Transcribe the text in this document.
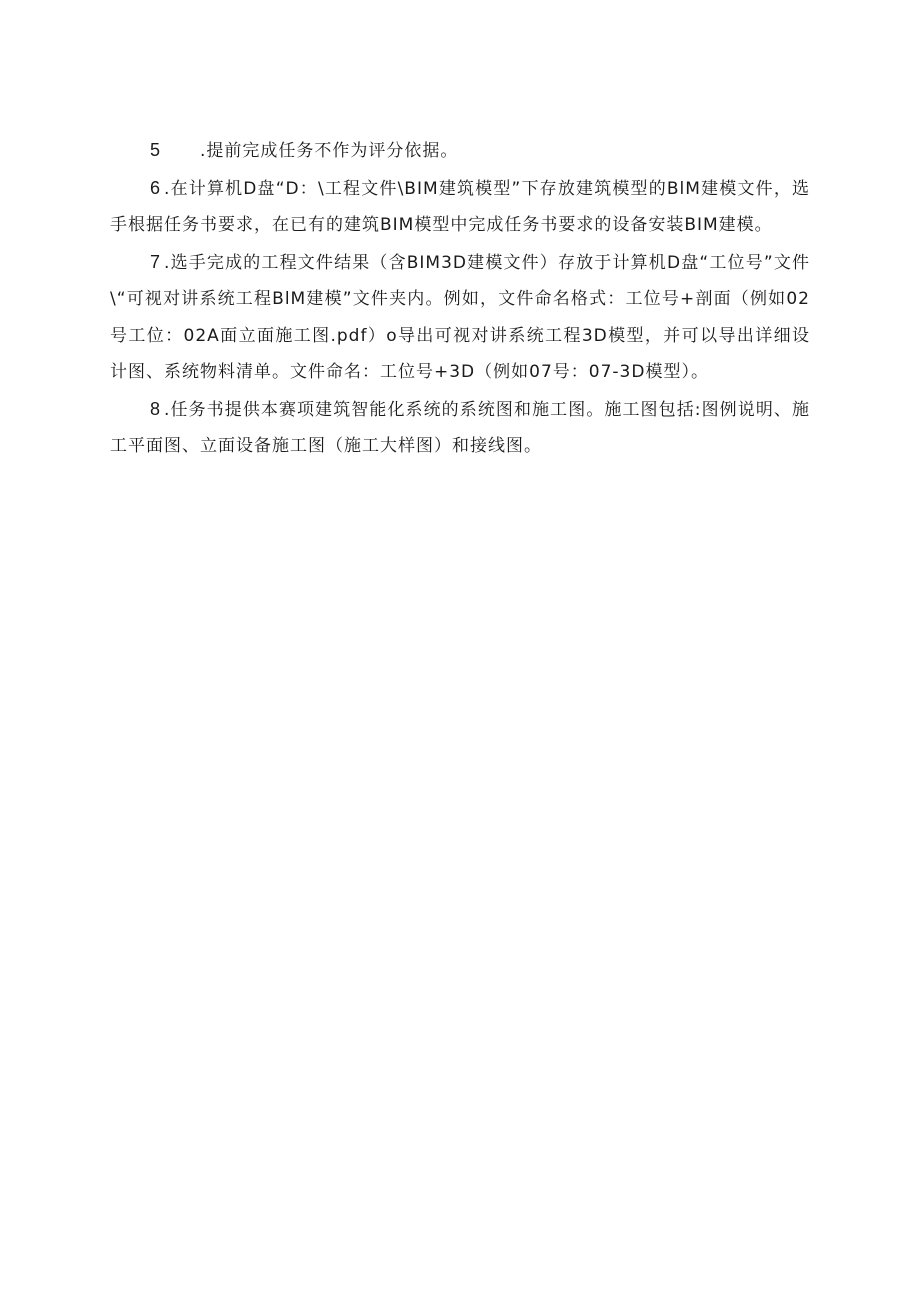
5 .提前完成任务不作为评分依据。

6 .在计算机D盘“D：\工程文件\BIM建筑模型”下存放建筑模型的BlM建模文件，选手根据任务书要求，在已有的建筑BIM模型中完成任务书要求的设备安装BIM建模。

7 .选手完成的工程文件结果（含BIM3D建模文件）存放于计算机D盘“工位号”文件\“可视对讲系统工程BlM建模”文件夹内。例如，文件命名格式：工位号+剖面（例如02号工位：02A面立面施工图.pdf）o导出可视对讲系统工程3D模型，并可以导出详细设计图、系统物料清单。文件命名：工位号+3D（例如07号：07-3D模型）。

8 .任务书提供本赛项建筑智能化系统的系统图和施工图。施工图包括:图例说明、施工平面图、立面设备施工图（施工大样图）和接线图。
